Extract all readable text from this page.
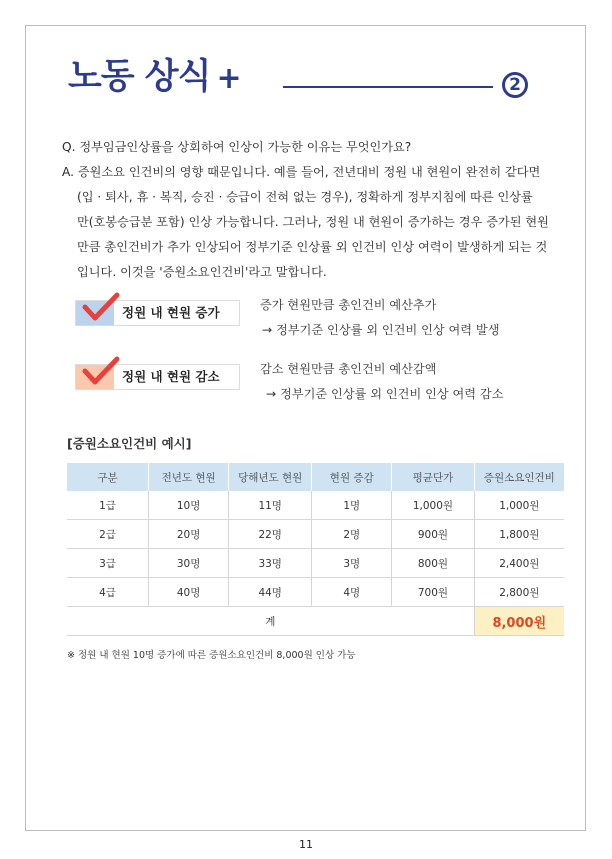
노동 상식 +	2

Q. 정부임금인상률을 상회하여 인상이 가능한 이유는 무엇인가요?

A. 증원소요 인건비의 영향 때문입니다. 예를 들어, 전년대비 정원 내 현원이 완전히 같다면
(입 · 퇴사, 휴 · 복직, 승진 · 승급이 전혀 없는 경우), 정확하게 정부지침에 따른 인상률
만(호봉승급분 포함) 인상 가능합니다. 그러나, 정원 내 현원이 증가하는 경우 증가된 현원
만큼 총인건비가 추가 인상되어 정부기준 인상률 외 인건비 인상 여력이 발생하게 되는 것
입니다. 이것을 '증원소요인건비'라고 말합니다.

정원 내 현원 증가	증가 현원만큼 총인건비 예산추가
→ 정부기준 인상률 외 인건비 인상 여력 발생
정원 내 현원 감소	감소 현원만큼 총인건비 예산감액
→ 정부기준 인상률 외 인건비 인상 여력 감소
[증원소요인건비 예시]
구분	전년도 현원	당해년도 현원	현원 증감	평균단가	증원소요인건비
1급	10명	11명	1명	1,000원	1,000원
2급	20명	22명	2명	900원	1,800원
3급	30명	33명	3명	800원	2,400원
4급	40명	44명	4명	700원	2,800원
계					8,000원
※ 정원 내 현원 10명 증가에 따른 증원소요인건비 8,000원 인상 가능
11
